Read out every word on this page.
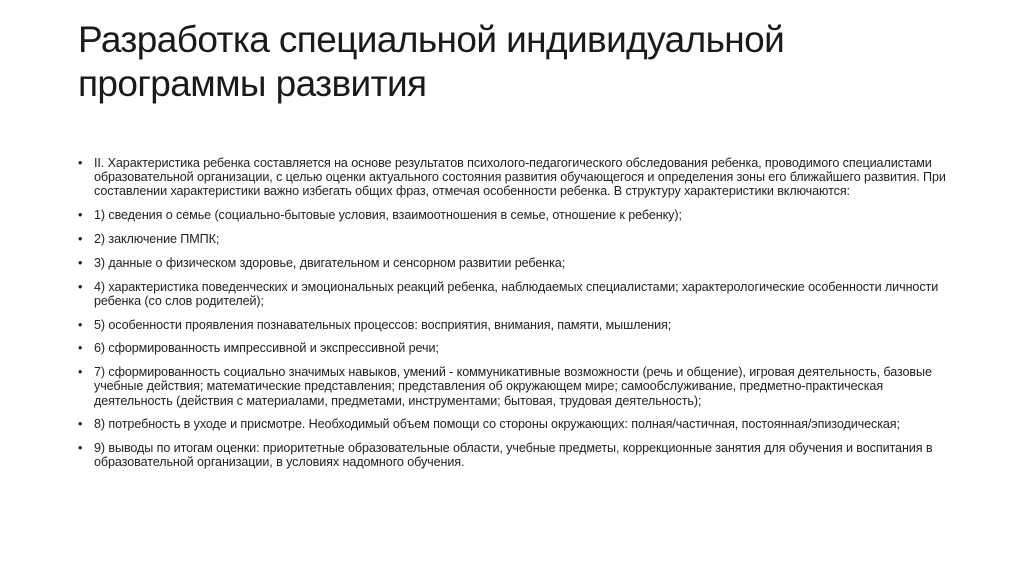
Разработка специальной индивидуальной программы развития
• II. Характеристика ребенка составляется на основе результатов психолого-педагогического обследования ребенка, проводимого специалистами образовательной организации, с целью оценки актуального состояния развития обучающегося и определения зоны его ближайшего развития. При составлении характеристики важно избегать общих фраз, отмечая особенности ребенка. В структуру характеристики включаются:
• 1) сведения о семье (социально-бытовые условия, взаимоотношения в семье, отношение к ребенку);
• 2) заключение ПМПК;
• 3) данные о физическом здоровье, двигательном и сенсорном развитии ребенка;
• 4) характеристика поведенческих и эмоциональных реакций ребенка, наблюдаемых специалистами; характерологические особенности личности ребенка (со слов родителей);
• 5) особенности проявления познавательных процессов: восприятия, внимания, памяти, мышления;
• 6) сформированность импрессивной и экспрессивной речи;
• 7) сформированность социально значимых навыков, умений - коммуникативные возможности (речь и общение), игровая деятельность, базовые учебные действия; математические представления; представления об окружающем мире; самообслуживание, предметно-практическая деятельность (действия с материалами, предметами, инструментами; бытовая, трудовая деятельность);
• 8) потребность в уходе и присмотре. Необходимый объем помощи со стороны окружающих: полная/частичная, постоянная/эпизодическая;
• 9) выводы по итогам оценки: приоритетные образовательные области, учебные предметы, коррекционные занятия для обучения и воспитания в образовательной организации, в условиях надомного обучения.
